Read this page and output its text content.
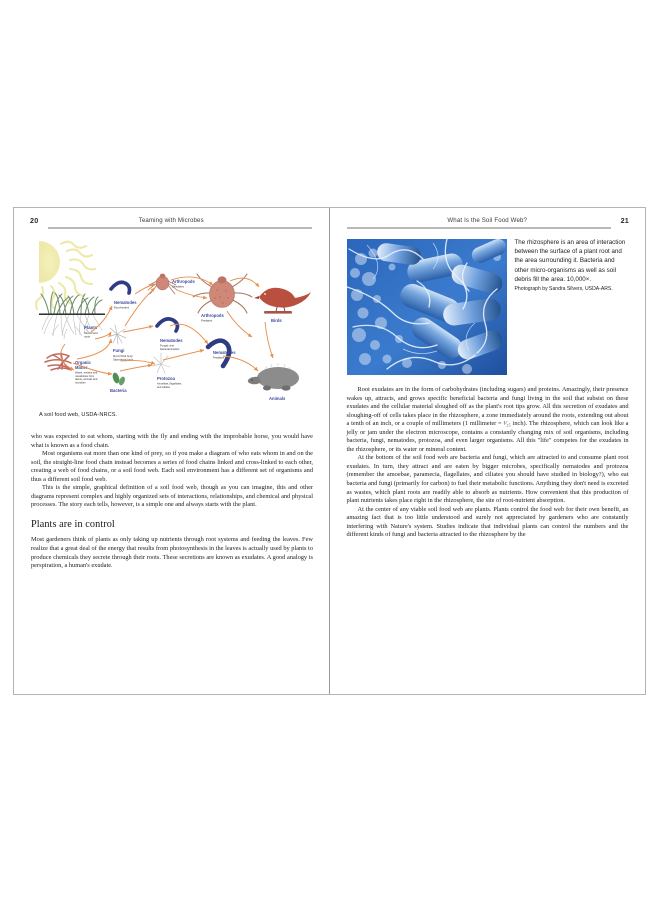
20	Teaming with Microbes
Plants
Shoots and
roots
Organic
Matter
Waste, residue and
metabolites from
plants, animals and
microbes
Bacteria
Fungi
Mycorrhizal fungi
Saprophytic fungi
Protozoa
Amoebae, flagellates,
and ciliates
Nematodes
Root-feeders
Nematodes
Fungal- and
bacterial-feeders
Nematodes
Predators
Arthropods
Shredders
Arthropods
Predators	Birds
Animals
A soil food web, USDA-NRCS.

who was expected to eat whom, starting with the fly and ending with the improbable horse, you would have what is known as a food chain.

Most organisms eat more than one kind of prey, so if you make a diagram of who eats whom in and on the soil, the straight-line food chain instead becomes a series of food chains linked and cross-linked to each other, creating a web of food chains, or a soil food web. Each soil environment has a different set of organisms and thus a different soil food web.

This is the simple, graphical definition of a soil food web, though as you can imagine, this and other diagrams represent complex and highly organized sets of interactions, relationships, and chemical and physical processes. The story each tells, however, is a simple one and always starts with the plant.

Plants are in control

Most gardeners think of plants as only taking up nutrients through root systems and feeding the leaves. Few realize that a great deal of the energy that results from photosynthesis in the leaves is actually used by plants to produce chemicals they secrete through their roots. These secretions are known as exudates. A good analogy is perspiration, a human's exudate.

21
What Is the Soil Food Web?
The rhizosphere is an area of interaction between the surface of a plant root and the area surrounding it. Bacteria and other micro-organisms as well as soil debris fill the area. 10,000×.
Photograph by Sandra Silvers, USDA-ARS.

Root exudates are in the form of carbohydrates (including sugars) and proteins. Amazingly, their presence wakes up, attracts, and grows specific beneficial bacteria and fungi living in the soil that subsist on these exudates and the cellular material sloughed off as the plant's root tips grow. All this secretion of exudates and sloughing-off of cells takes place in the rhizosphere, a zone immediately around the roots, extending out about a tenth of an inch, or a couple of millimeters (1 millimeter = ¹⁄₂₅ inch). The rhizosphere, which can look like a jelly or jam under the electron microscope, contains a constantly changing mix of soil organisms, including bacteria, fungi, nematodes, protozoa, and even larger organisms. All this "life" competes for the exudates in the rhizosphere, or its water or mineral content.

At the bottom of the soil food web are bacteria and fungi, which are attracted to and consume plant root exudates. In turn, they attract and are eaten by bigger microbes, specifically nematodes and protozoa (remember the amoebae, paramecia, flagellates, and ciliates you should have studied in biology?), who eat bacteria and fungi (primarily for carbon) to fuel their metabolic functions. Anything they don't need is excreted as wastes, which plant roots are readily able to absorb as nutrients. How convenient that this production of plant nutrients takes place right in the rhizosphere, the site of root-nutrient absorption.

At the center of any viable soil food web are plants. Plants control the food web for their own benefit, an amazing fact that is too little understood and surely not appreciated by gardeners who are constantly interfering with Nature's system. Studies indicate that individual plants can control the numbers and the different kinds of fungi and bacteria attracted to the rhizosphere by the
